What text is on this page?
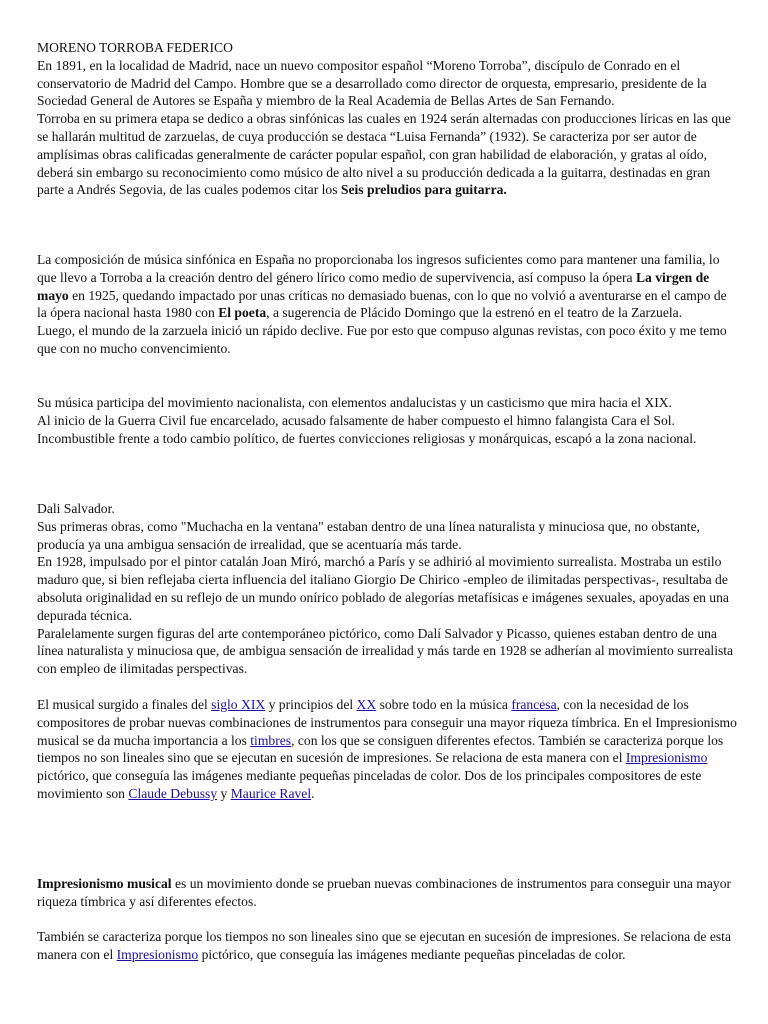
MORENO TORROBA FEDERICO

En 1891, en la localidad de Madrid, nace un nuevo compositor español “Moreno Torroba”, discípulo de Conrado en el conservatorio de Madrid del Campo. Hombre que se a desarrollado como director de orquesta, empresario, presidente de la Sociedad General de Autores se España y miembro de la Real Academia de Bellas Artes de San Fernando.

Torroba en su primera etapa se dedico a obras sinfónicas las cuales en 1924 serán alternadas con producciones líricas en las que se hallarán multitud de zarzuelas, de cuya producción se destaca “Luisa Fernanda” (1932). Se caracteriza por ser autor de amplísimas obras calificadas generalmente de carácter popular español, con gran habilidad de elaboración, y gratas al oído, deberá sin embargo su reconocimiento como músico de alto nivel a su producción dedicada a la guitarra, destinadas en gran parte a Andrés Segovia, de las cuales podemos citar los Seis preludios para guitarra.

La composición de música sinfónica en España no proporcionaba los ingresos suficientes como para mantener una familia, lo que llevo a Torroba a la creación dentro del género lírico como medio de supervivencia, así compuso la ópera La virgen de mayo en 1925, quedando impactado por unas críticas no demasiado buenas, con lo que no volvió a aventurarse en el campo de la ópera nacional hasta 1980 con El poeta, a sugerencia de Plácido Domingo que la estrenó en el teatro de la Zarzuela.

Luego, el mundo de la zarzuela inició un rápido declive. Fue por esto que compuso algunas revistas, con poco éxito y me temo que con no mucho convencimiento.

Su música participa del movimiento nacionalista, con elementos andalucistas y un casticismo que mira hacia el XIX.

Al inicio de la Guerra Civil fue encarcelado, acusado falsamente de haber compuesto el himno falangista Cara el Sol. Incombustible frente a todo cambio político, de fuertes convicciones religiosas y monárquicas, escapó a la zona nacional.

Dali Salvador.

Sus primeras obras, como "Muchacha en la ventana" estaban dentro de una línea naturalista y minuciosa que, no obstante, producía ya una ambigua sensación de irrealidad, que se acentuaría más tarde.

En 1928, impulsado por el pintor catalán Joan Miró, marchó a París y se adhirió al movimiento surrealista. Mostraba un estilo maduro que, si bien reflejaba cierta influencia del italiano Giorgio De Chirico -empleo de ilimitadas perspectivas-, resultaba de absoluta originalidad en su reflejo de un mundo onírico poblado de alegorías metafísicas e imágenes sexuales, apoyadas en una depurada técnica.

Paralelamente surgen figuras del arte contemporáneo pictórico, como Dalí Salvador y Picasso, quienes estaban dentro de una línea naturalista y minuciosa que, de ambigua sensación de irrealidad y más tarde en 1928 se adherían al movimiento surrealista con empleo de ilimitadas perspectivas.

El musical surgido a finales del siglo XIX y principios del XX sobre todo en la música francesa, con la necesidad de los compositores de probar nuevas combinaciones de instrumentos para conseguir una mayor riqueza tímbrica. En el Impresionismo musical se da mucha importancia a los timbres, con los que se consiguen diferentes efectos. También se caracteriza porque los tiempos no son lineales sino que se ejecutan en sucesión de impresiones. Se relaciona de esta manera con el Impresionismo pictórico, que conseguía las imágenes mediante pequeñas pinceladas de color. Dos de los principales compositores de este movimiento son Claude Debussy y Maurice Ravel.

Impresionismo musical es un movimiento donde se prueban nuevas combinaciones de instrumentos para conseguir una mayor riqueza tímbrica y así diferentes efectos.

También se caracteriza porque los tiempos no son lineales sino que se ejecutan en sucesión de impresiones. Se relaciona de esta manera con el Impresionismo pictórico, que conseguía las imágenes mediante pequeñas pinceladas de color.
